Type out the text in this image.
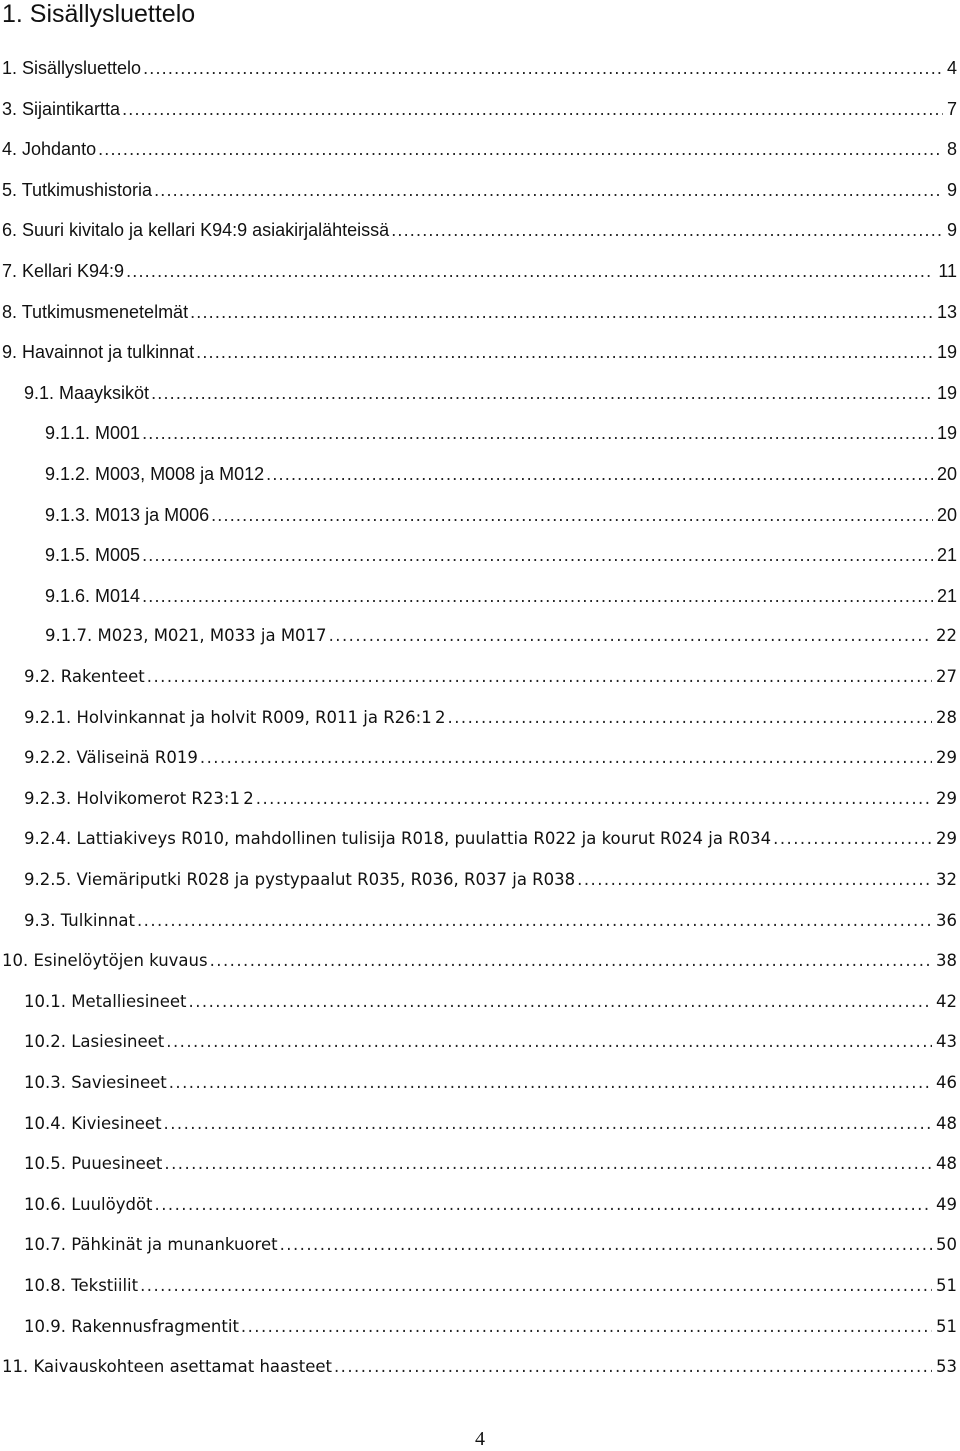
1. Sisällysluettelo
1. Sisällysluettelo . . .	4
3. Sijaintikartta . . .	7
4. Johdanto . . .	8
5. Tutkimushistoria . . .	9
6. Suuri kivitalo ja kellari K94:9 asiakirjalähteissä . . .	9
7. Kellari K94:9 . . .	11
8. Tutkimusmenetelmät . . .	13
9. Havainnot ja tulkinnat . . .	19
9.1. Maayksiköt . . .	19
9.1.1. M001 . . .	19
9.1.2. M003, M008 ja M012 . . .	20
9.1.3. M013 ja M006 . . .	20
9.1.5. M005 . . .	21
9.1.6. M014 . . .	21
9.1.7. M023, M021, M033 ja M017 . . .	22
9.2. Rakenteet . . .	27
9.2.1. Holvinkannat ja holvit R009, R011 ja R26:1 2 . . .	28
9.2.2. Väliseinä R019 . . .	29
9.2.3. Holvikomerot R23:1 2 . . .	29
9.2.4. Lattiakiveys R010, mahdollinen tulisija R018, puulattia R022 ja kourut R024 ja R034 . . .	29
9.2.5. Viemäriputki R028 ja pystypaalut R035, R036, R037 ja R038 . . .	32
9.3. Tulkinnat . . .	36
10. Esinelöytöjen kuvaus . . .	38
10.1. Metalliesineet . . .	42
10.2. Lasiesineet . . .	43
10.3. Saviesineet . . .	46
10.4. Kiviesineet . . .	48
10.5. Puuesineet . . .	48
10.6. Luulöydöt . . .	49
10.7. Pähkinät ja munankuoret . . .	50
10.8. Tekstiilit . . .	51
10.9. Rakennusfragmentit . . .	51
11. Kaivauskohteen asettamat haasteet . . .	53
4
